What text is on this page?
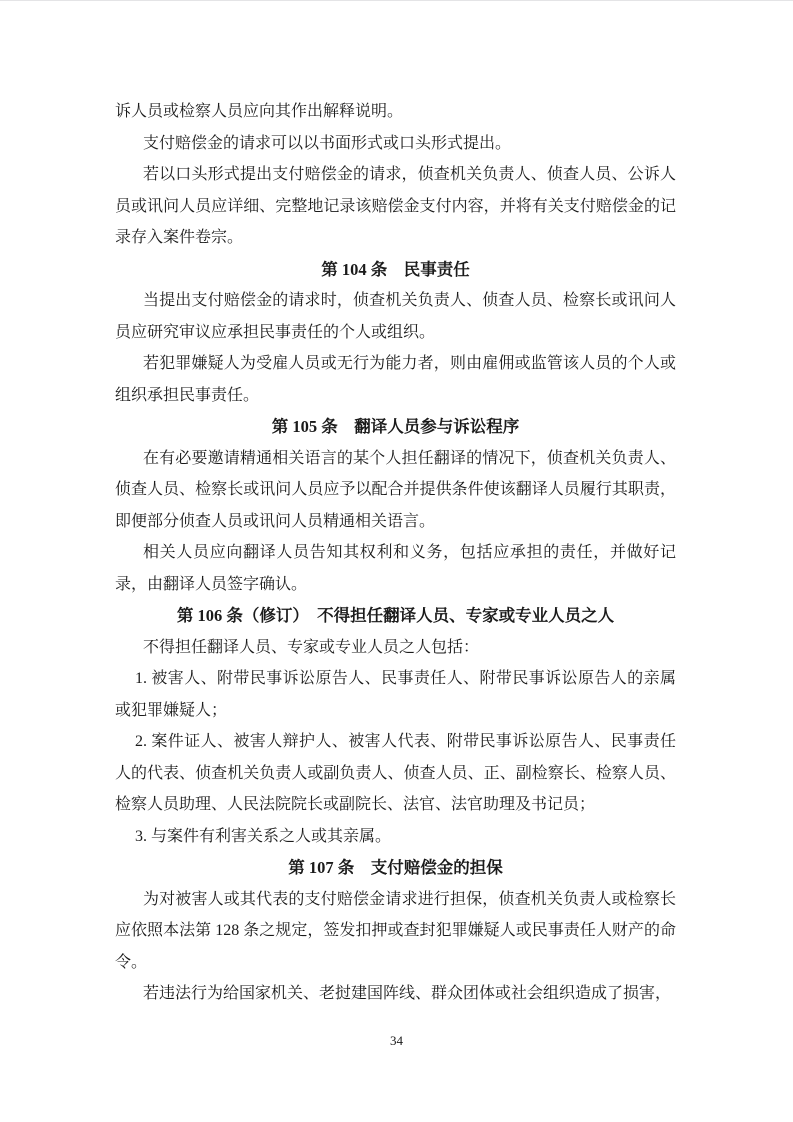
诉人员或检察人员应向其作出解释说明。

支付赔偿金的请求可以以书面形式或口头形式提出。

若以口头形式提出支付赔偿金的请求，侦查机关负责人、侦查人员、公诉人员或讯问人员应详细、完整地记录该赔偿金支付内容，并将有关支付赔偿金的记录存入案件卷宗。

第 104 条　民事责任

当提出支付赔偿金的请求时，侦查机关负责人、侦查人员、检察长或讯问人员应研究审议应承担民事责任的个人或组织。

若犯罪嫌疑人为受雇人员或无行为能力者，则由雇佣或监管该人员的个人或组织承担民事责任。

第 105 条　翻译人员参与诉讼程序

在有必要邀请精通相关语言的某个人担任翻译的情况下，侦查机关负责人、侦查人员、检察长或讯问人员应予以配合并提供条件使该翻译人员履行其职责，即便部分侦查人员或讯问人员精通相关语言。

相关人员应向翻译人员告知其权利和义务，包括应承担的责任，并做好记录，由翻译人员签字确认。

第 106 条（修订）　不得担任翻译人员、专家或专业人员之人

不得担任翻译人员、专家或专业人员之人包括：

1. 被害人、附带民事诉讼原告人、民事责任人、附带民事诉讼原告人的亲属或犯罪嫌疑人；

2. 案件证人、被害人辩护人、被害人代表、附带民事诉讼原告人、民事责任人的代表、侦查机关负责人或副负责人、侦查人员、正、副检察长、检察人员、检察人员助理、人民法院院长或副院长、法官、法官助理及书记员；

3. 与案件有利害关系之人或其亲属。

第 107 条　支付赔偿金的担保

为对被害人或其代表的支付赔偿金请求进行担保，侦查机关负责人或检察长应依照本法第 128 条之规定，签发扣押或查封犯罪嫌疑人或民事责任人财产的命令。

若违法行为给国家机关、老挝建国阵线、群众团体或社会组织造成了损害，

34
